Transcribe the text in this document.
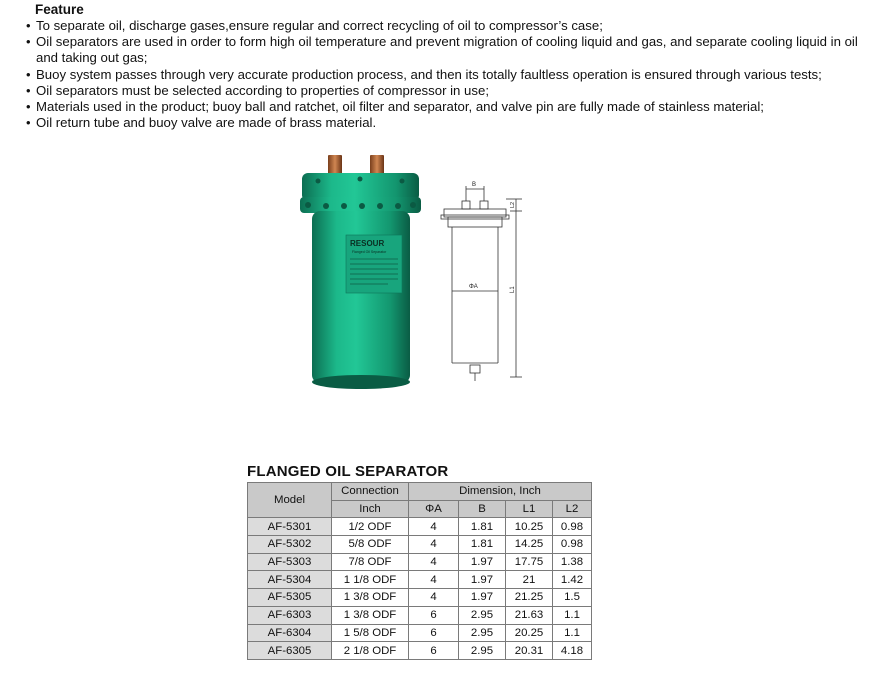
Feature
• To separate oil, discharge gases,ensure regular and correct recycling of oil to compressor’s case;
• Oil separators are used in order to form high oil temperature and prevent migration of cooling liquid and gas, and separate cooling liquid in oil and taking out gas;
• Buoy system passes through very accurate production process, and then its totally faultless operation is ensured through various tests;
• Oil separators must be selected according to properties of compressor in use;
• Materials used in the product; buoy ball and ratchet, oil filter and separator, and valve pin are fully made of stainless material;
• Oil return tube and buoy valve are made of brass material.
RESOUR
Flanged Oil Separator
B
ΦA
L2
L1
FLANGED OIL SEPARATOR
Model	Connection	Dimension, Inch			
	Inch	ΦA	B	L1	L2
AF-5301	1/2 ODF	4	1.81	10.25	0.98
AF-5302	5/8 ODF	4	1.81	14.25	0.98
AF-5303	7/8 ODF	4	1.97	17.75	1.38
AF-5304	1 1/8 ODF	4	1.97	21	1.42
AF-5305	1 3/8 ODF	4	1.97	21.25	1.5
AF-6303	1 3/8 ODF	6	2.95	21.63	1.1
AF-6304	1 5/8 ODF	6	2.95	20.25	1.1
AF-6305	2 1/8 ODF	6	2.95	20.31	4.18
